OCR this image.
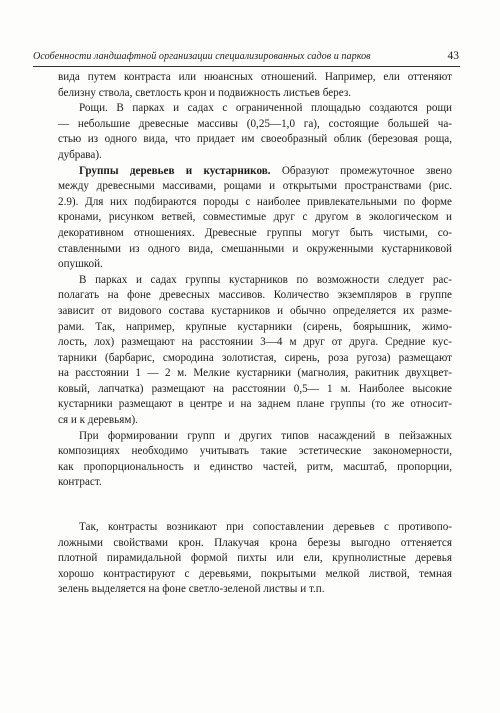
Особенности ландшафтной организации специализированных садов и парков	43
вида путем контраста или нюансных отношений. Например, ели оттеняют
белизну ствола, светлость крон и подвижность листьев берез.
Рощи. В парках и садах с ограниченной площадью создаются рощи
— небольшие древесные массивы (0,25—1,0 га), состоящие большей ча-
стью из одного вида, что придает им своеобразный облик (березовая роща,
дубрава).
Группы деревьев и кустарников. Образуют промежуточное звено
между древесными массивами, рощами и открытыми пространствами (рис.
2.9). Для них подбираются породы с наиболее привлекательными по форме
кронами, рисунком ветвей, совместимые друг с другом в экологическом и
декоративном отношениях. Древесные группы могут быть чистыми, со-
ставленными из одного вида, смешанными и окруженными кустарниковой
опушкой.
В парках и садах группы кустарников по возможности следует рас-
полагать на фоне древесных массивов. Количество экземпляров в группе
зависит от видового состава кустарников и обычно определяется их разме-
рами. Так, например, крупные кустарники (сирень, боярышник, жимо-
лость, лох) размещают на расстоянии 3—4 м друг от друга. Средние кус-
тарники (барбарис, смородина золотистая, сирень, роза ругоза) размещают
на расстоянии 1 — 2 м. Мелкие кустарники (магнолия, ракитник двухцвет-
ковый, лапчатка) размещают на расстоянии 0,5— 1 м. Наиболее высокие
кустарники размещают в центре и на заднем плане группы (то же относит-
ся и к деревьям).
При формировании групп и других типов насаждений в пейзажных
композициях необходимо учитывать такие эстетические закономерности,
как пропорциональность и единство частей, ритм, масштаб, пропорции,
контраст.
Так, контрасты возникают при сопоставлении деревьев с противопо-
ложными свойствами крон. Плакучая крона березы выгодно оттеняется
плотной пирамидальной формой пихты или ели, крупнолистные деревья
хорошо контрастируют с деревьями, покрытыми мелкой листвой, темная
зелень выделяется на фоне светло-зеленой листвы и т.п.
